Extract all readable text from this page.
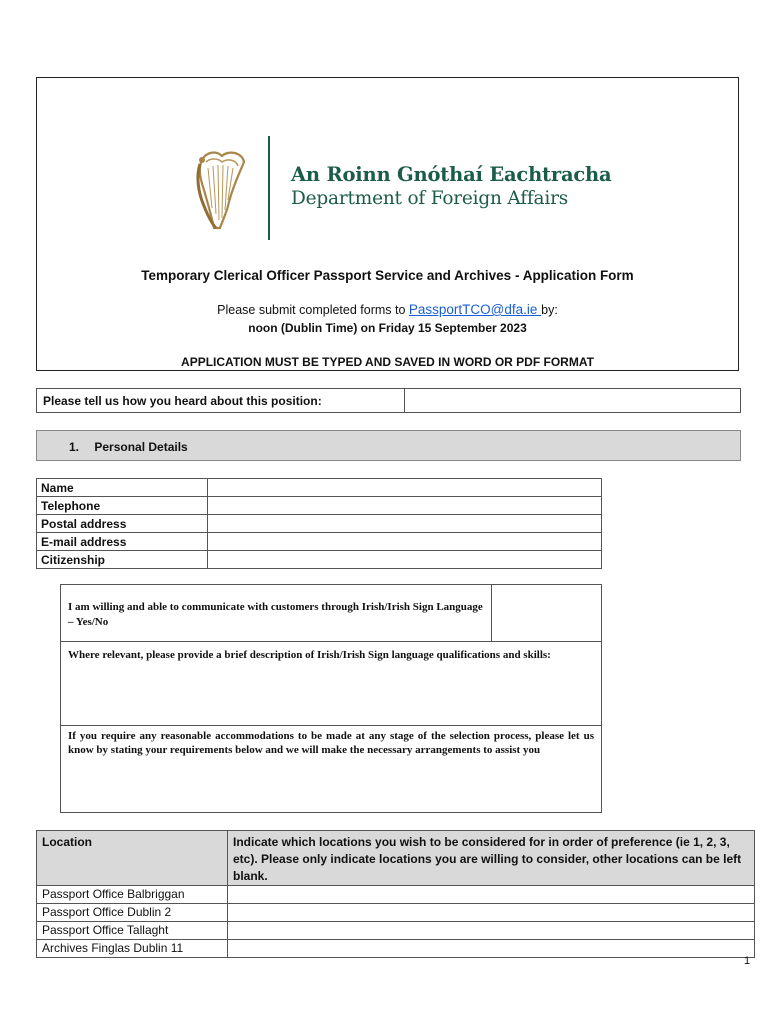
An Roinn Gnóthaí Eachtracha
Department of Foreign Affairs
Temporary Clerical Officer Passport Service and Archives - Application Form
Please submit completed forms to PassportTCO@dfa.ie by:
noon (Dublin Time) on Friday 15 September 2023
APPLICATION MUST BE TYPED AND SAVED IN WORD OR PDF FORMAT
Please tell us how you heard about this position:
1. Personal Details
Name	
Telephone	
Postal address	
E-mail address	
Citizenship	
I am willing and able to communicate with customers through Irish/Irish Sign Language – Yes/No
Where relevant, please provide a brief description of Irish/Irish Sign language qualifications and skills:
If you require any reasonable accommodations to be made at any stage of the selection process, please let us know by stating your requirements below and we will make the necessary arrangements to assist you
Location	Indicate which locations you wish to be considered for in order of preference (ie 1, 2, 3, etc). Please only indicate locations you are willing to consider, other locations can be left blank.
Passport Office Balbriggan	
Passport Office Dublin 2	
Passport Office Tallaght	
Archives Finglas Dublin 11	
1
